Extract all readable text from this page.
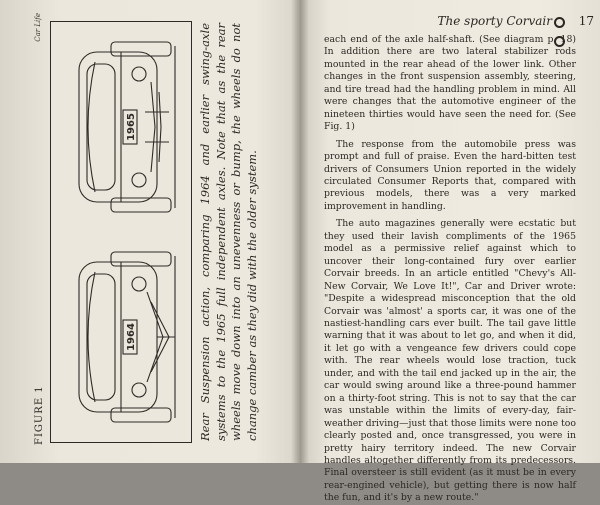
FIGURE 1
Car Life
1964
1965	Rear Suspension action, comparing 1964 and earlier swing-axle systems to the 1965 full independent axles. Note that as the rear wheels move down into an unevenness or bump, the wheels do not change camber as they did with the older system.
The sporty Corvair 17

each end of the axle half-shaft. (See diagram p. 18) In addition there are two lateral stabilizer rods mounted in the rear ahead of the lower link. Other changes in the front suspension assembly, steering, and tire tread had the handling problem in mind. All were changes that the automotive engineer of the nineteen thirties would have seen the need for. (See Fig. 1)

The response from the automobile press was prompt and full of praise. Even the hard-bitten test drivers of Consumers Union reported in the widely circulated Consumer Reports that, compared with previous models, there was a very marked improvement in handling.

The auto magazines generally were ecstatic but they used their lavish compliments of the 1965 model as a permissive relief against which to uncover their long-contained fury over earlier Corvair breeds. In an article entitled "Chevy's All-New Corvair, We Love It!", Car and Driver wrote: "Despite a widespread misconception that the old Corvair was 'almost' a sports car, it was one of the nastiest-handling cars ever built. The tail gave little warning that it was about to let go, and when it did, it let go with a vengeance few drivers could cope with. The rear wheels would lose traction, tuck under, and with the tail end jacked up in the air, the car would swing around like a three-pound hammer on a thirty-foot string. This is not to say that the car was unstable within the limits of every-day, fair-weather driving—just that those limits were none too clearly posted and, once transgressed, you were in pretty hairy territory indeed. The new Corvair handles altogether differently from its predecessors. Final oversteer is still evident (as it must be in every rear-engined vehicle), but getting there is now half the fun, and it's by a new route."
